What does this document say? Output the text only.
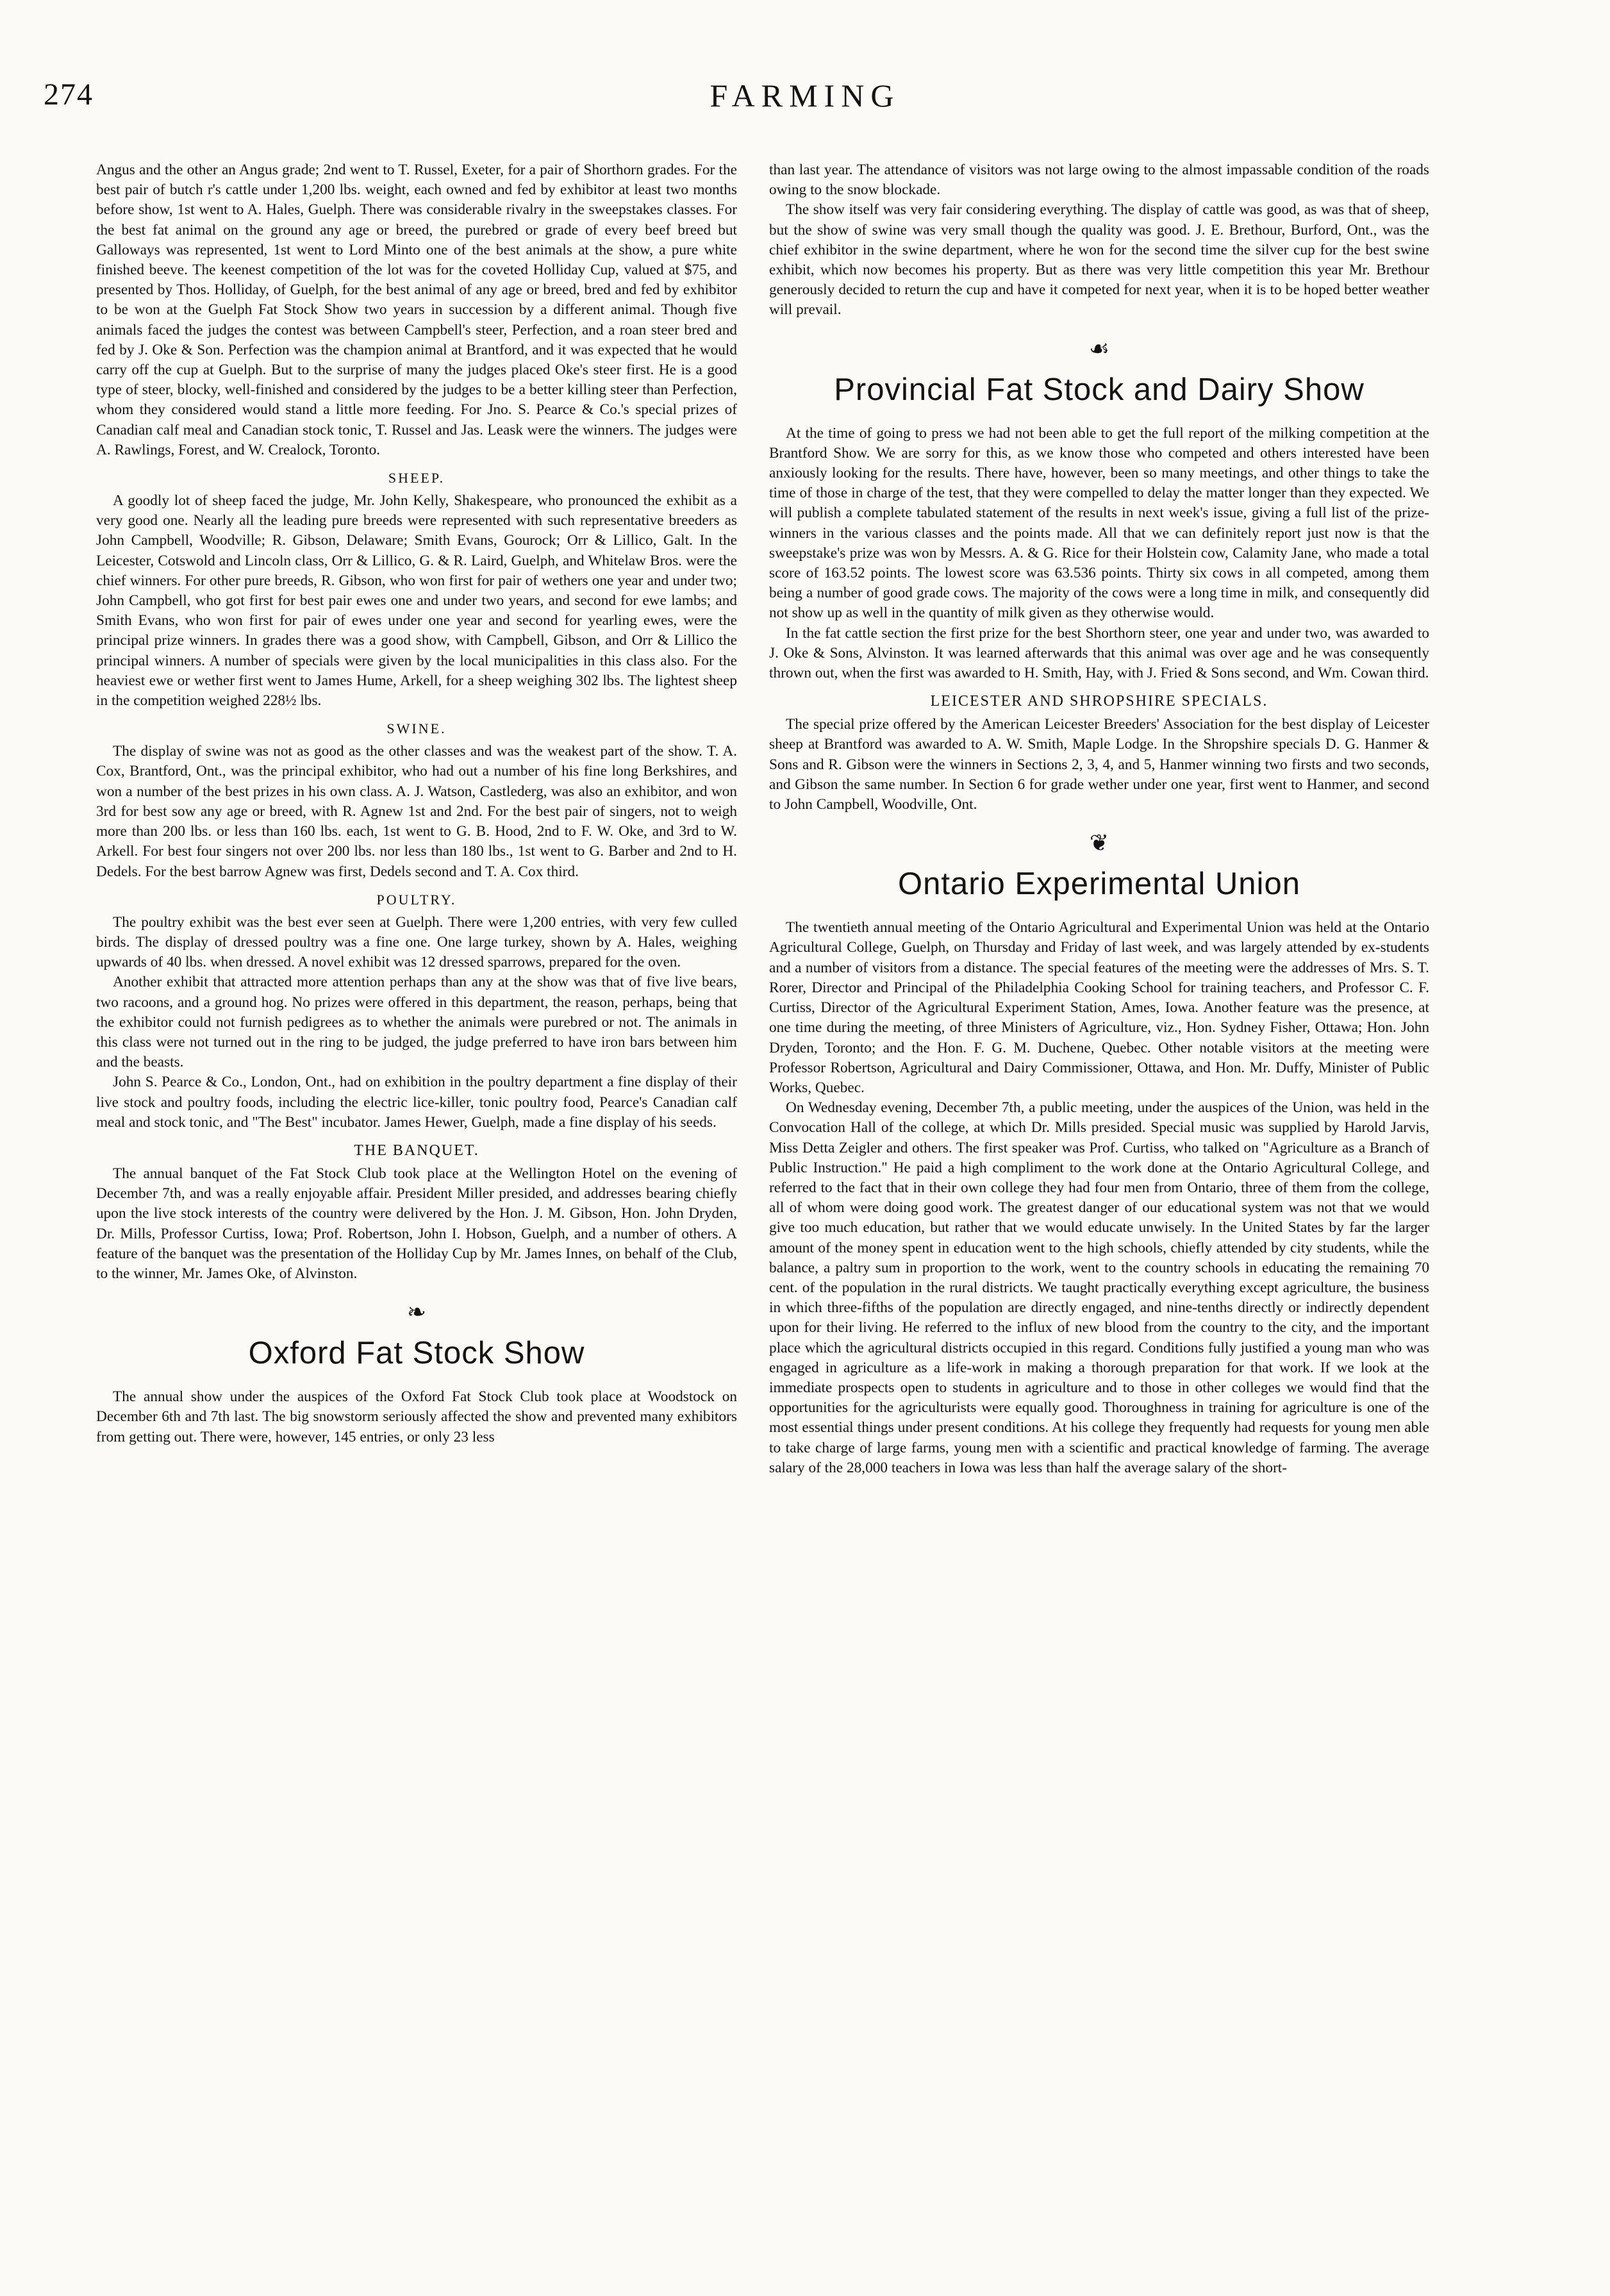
274	FARMING

Angus and the other an Angus grade; 2nd went to T. Russel, Exeter, for a pair of Shorthorn grades. For the best pair of butch r's cattle under 1,200 lbs. weight, each owned and fed by exhibitor at least two months before show, 1st went to A. Hales, Guelph. There was considerable rivalry in the sweepstakes classes. For the best fat animal on the ground any age or breed, the purebred or grade of every beef breed but Galloways was represented, 1st went to Lord Minto one of the best animals at the show, a pure white finished beeve. The keenest competition of the lot was for the coveted Holliday Cup, valued at $75, and presented by Thos. Holliday, of Guelph, for the best animal of any age or breed, bred and fed by exhibitor to be won at the Guelph Fat Stock Show two years in succession by a different animal. Though five animals faced the judges the contest was between Campbell's steer, Perfection, and a roan steer bred and fed by J. Oke & Son. Perfection was the champion animal at Brantford, and it was expected that he would carry off the cup at Guelph. But to the surprise of many the judges placed Oke's steer first. He is a good type of steer, blocky, well-finished and considered by the judges to be a better killing steer than Perfection, whom they considered would stand a little more feeding. For Jno. S. Pearce & Co.'s special prizes of Canadian calf meal and Canadian stock tonic, T. Russel and Jas. Leask were the winners. The judges were A. Rawlings, Forest, and W. Crealock, Toronto.

SHEEP.

A goodly lot of sheep faced the judge, Mr. John Kelly, Shakespeare, who pronounced the exhibit as a very good one. Nearly all the leading pure breeds were represented with such representative breeders as John Campbell, Woodville; R. Gibson, Delaware; Smith Evans, Gourock; Orr & Lillico, Galt. In the Leicester, Cotswold and Lincoln class, Orr & Lillico, G. & R. Laird, Guelph, and Whitelaw Bros. were the chief winners. For other pure breeds, R. Gibson, who won first for pair of wethers one year and under two; John Campbell, who got first for best pair ewes one and under two years, and second for ewe lambs; and Smith Evans, who won first for pair of ewes under one year and second for yearling ewes, were the principal prize winners. In grades there was a good show, with Campbell, Gibson, and Orr & Lillico the principal winners. A number of specials were given by the local municipalities in this class also. For the heaviest ewe or wether first went to James Hume, Arkell, for a sheep weighing 302 lbs. The lightest sheep in the competition weighed 228½ lbs.

SWINE.

The display of swine was not as good as the other classes and was the weakest part of the show. T. A. Cox, Brantford, Ont., was the principal exhibitor, who had out a number of his fine long Berkshires, and won a number of the best prizes in his own class. A. J. Watson, Castlederg, was also an exhibitor, and won 3rd for best sow any age or breed, with R. Agnew 1st and 2nd. For the best pair of singers, not to weigh more than 200 lbs. or less than 160 lbs. each, 1st went to G. B. Hood, 2nd to F. W. Oke, and 3rd to W. Arkell. For best four singers not over 200 lbs. nor less than 180 lbs., 1st went to G. Barber and 2nd to H. Dedels. For the best barrow Agnew was first, Dedels second and T. A. Cox third.

POULTRY.

The poultry exhibit was the best ever seen at Guelph. There were 1,200 entries, with very few culled birds. The display of dressed poultry was a fine one. One large turkey, shown by A. Hales, weighing upwards of 40 lbs. when dressed. A novel exhibit was 12 dressed sparrows, prepared for the oven.

Another exhibit that attracted more attention perhaps than any at the show was that of five live bears, two racoons, and a ground hog. No prizes were offered in this department, the reason, perhaps, being that the exhibitor could not furnish pedigrees as to whether the animals were purebred or not. The animals in this class were not turned out in the ring to be judged, the judge preferred to have iron bars between him and the beasts.

John S. Pearce & Co., London, Ont., had on exhibition in the poultry department a fine display of their live stock and poultry foods, including the electric lice-killer, tonic poultry food, Pearce's Canadian calf meal and stock tonic, and "The Best" incubator. James Hewer, Guelph, made a fine display of his seeds.

THE BANQUET.

The annual banquet of the Fat Stock Club took place at the Wellington Hotel on the evening of December 7th, and was a really enjoyable affair. President Miller presided, and addresses bearing chiefly upon the live stock interests of the country were delivered by the Hon. J. M. Gibson, Hon. John Dryden, Dr. Mills, Professor Curtiss, Iowa; Prof. Robertson, John I. Hobson, Guelph, and a number of others. A feature of the banquet was the presentation of the Holliday Cup by Mr. James Innes, on behalf of the Club, to the winner, Mr. James Oke, of Alvinston.

❧
Oxford Fat Stock Show

The annual show under the auspices of the Oxford Fat Stock Club took place at Woodstock on December 6th and 7th last. The big snowstorm seriously affected the show and prevented many exhibitors from getting out. There were, however, 145 entries, or only 23 less

than last year. The attendance of visitors was not large owing to the almost impassable condition of the roads owing to the snow blockade.

The show itself was very fair considering everything. The display of cattle was good, as was that of sheep, but the show of swine was very small though the quality was good. J. E. Brethour, Burford, Ont., was the chief exhibitor in the swine department, where he won for the second time the silver cup for the best swine exhibit, which now becomes his property. But as there was very little competition this year Mr. Brethour generously decided to return the cup and have it competed for next year, when it is to be hoped better weather will prevail.

☙
Provincial Fat Stock and Dairy Show

At the time of going to press we had not been able to get the full report of the milking competition at the Brantford Show. We are sorry for this, as we know those who competed and others interested have been anxiously looking for the results. There have, however, been so many meetings, and other things to take the time of those in charge of the test, that they were compelled to delay the matter longer than they expected. We will publish a complete tabulated statement of the results in next week's issue, giving a full list of the prize-winners in the various classes and the points made. All that we can definitely report just now is that the sweepstake's prize was won by Messrs. A. & G. Rice for their Holstein cow, Calamity Jane, who made a total score of 163.52 points. The lowest score was 63.536 points. Thirty six cows in all competed, among them being a number of good grade cows. The majority of the cows were a long time in milk, and consequently did not show up as well in the quantity of milk given as they otherwise would.

In the fat cattle section the first prize for the best Shorthorn steer, one year and under two, was awarded to J. Oke & Sons, Alvinston. It was learned afterwards that this animal was over age and he was consequently thrown out, when the first was awarded to H. Smith, Hay, with J. Fried & Sons second, and Wm. Cowan third.

LEICESTER AND SHROPSHIRE SPECIALS.

The special prize offered by the American Leicester Breeders' Association for the best display of Leicester sheep at Brantford was awarded to A. W. Smith, Maple Lodge. In the Shropshire specials D. G. Hanmer & Sons and R. Gibson were the winners in Sections 2, 3, 4, and 5, Hanmer winning two firsts and two seconds, and Gibson the same number. In Section 6 for grade wether under one year, first went to Hanmer, and second to John Campbell, Woodville, Ont.

❦
Ontario Experimental Union

The twentieth annual meeting of the Ontario Agricultural and Experimental Union was held at the Ontario Agricultural College, Guelph, on Thursday and Friday of last week, and was largely attended by ex-students and a number of visitors from a distance. The special features of the meeting were the addresses of Mrs. S. T. Rorer, Director and Principal of the Philadelphia Cooking School for training teachers, and Professor C. F. Curtiss, Director of the Agricultural Experiment Station, Ames, Iowa. Another feature was the presence, at one time during the meeting, of three Ministers of Agriculture, viz., Hon. Sydney Fisher, Ottawa; Hon. John Dryden, Toronto; and the Hon. F. G. M. Duchene, Quebec. Other notable visitors at the meeting were Professor Robertson, Agricultural and Dairy Commissioner, Ottawa, and Hon. Mr. Duffy, Minister of Public Works, Quebec.

On Wednesday evening, December 7th, a public meeting, under the auspices of the Union, was held in the Convocation Hall of the college, at which Dr. Mills presided. Special music was supplied by Harold Jarvis, Miss Detta Zeigler and others. The first speaker was Prof. Curtiss, who talked on "Agriculture as a Branch of Public Instruction." He paid a high compliment to the work done at the Ontario Agricultural College, and referred to the fact that in their own college they had four men from Ontario, three of them from the college, all of whom were doing good work. The greatest danger of our educational system was not that we would give too much education, but rather that we would educate unwisely. In the United States by far the larger amount of the money spent in education went to the high schools, chiefly attended by city students, while the balance, a paltry sum in proportion to the work, went to the country schools in educating the remaining 70 cent. of the population in the rural districts. We taught practically everything except agriculture, the business in which three-fifths of the population are directly engaged, and nine-tenths directly or indirectly dependent upon for their living. He referred to the influx of new blood from the country to the city, and the important place which the agricultural districts occupied in this regard. Conditions fully justified a young man who was engaged in agriculture as a life-work in making a thorough preparation for that work. If we look at the immediate prospects open to students in agriculture and to those in other colleges we would find that the opportunities for the agriculturists were equally good. Thoroughness in training for agriculture is one of the most essential things under present conditions. At his college they frequently had requests for young men able to take charge of large farms, young men with a scientific and practical knowledge of farming. The average salary of the 28,000 teachers in Iowa was less than half the average salary of the short-
